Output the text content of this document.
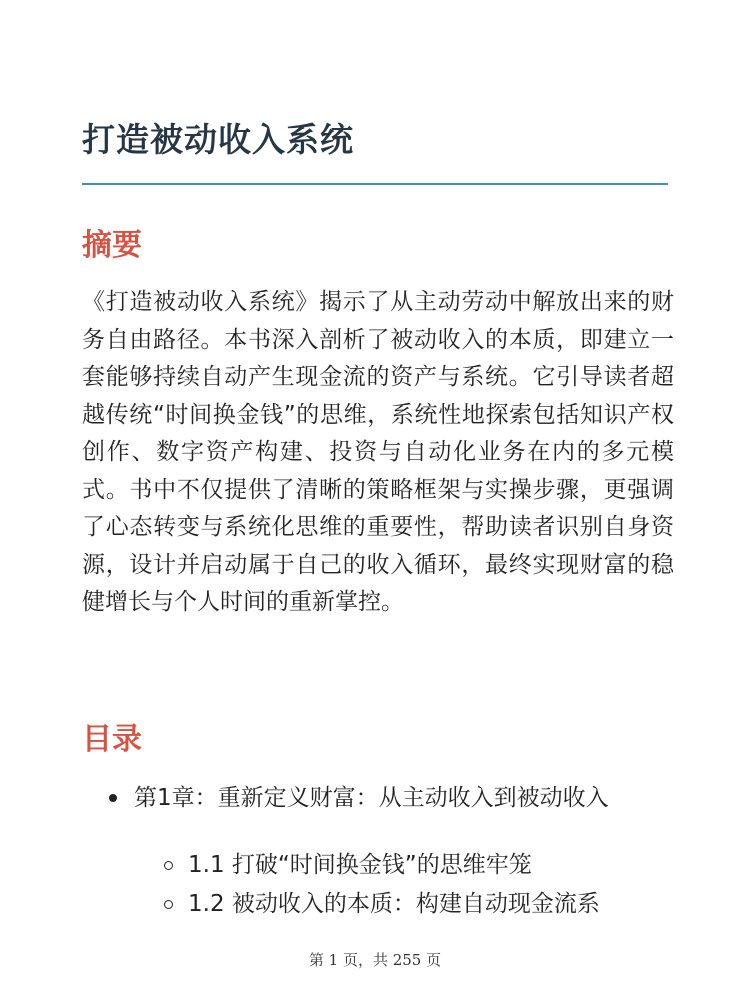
打造被动收入系统
摘要

《打造被动收入系统》揭示了从主动劳动中解放出来的财务自由路径。本书深入剖析了被动收入的本质，即建立一套能够持续自动产生现金流的资产与系统。它引导读者超越传统“时间换金钱”的思维，系统性地探索包括知识产权创作、数字资产构建、投资与自动化业务在内的多元模式。书中不仅提供了清晰的策略框架与实操步骤，更强调了心态转变与系统化思维的重要性，帮助读者识别自身资源，设计并启动属于自己的收入循环，最终实现财富的稳健增长与个人时间的重新掌控。

目录
第1章：重新定义财富：从主动收入到被动收入
1.1 打破“时间换金钱”的思维牢笼
1.2 被动收入的本质：构建自动现金流系
第 1 页，共 255 页
